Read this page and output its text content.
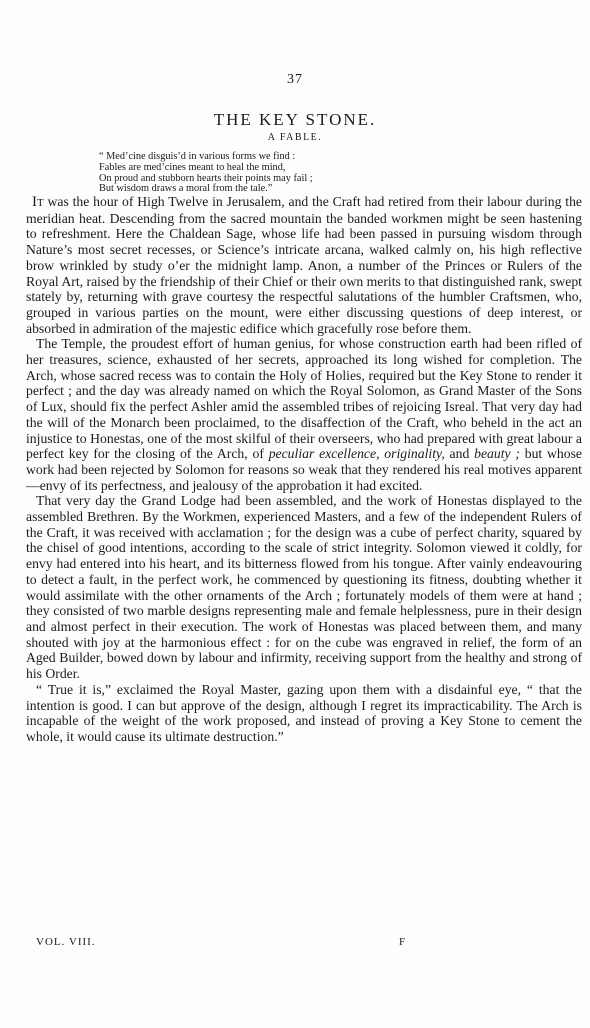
37
THE KEY STONE.
A FABLE.
“ Med’cine disguis’d in various forms we find :
Fables are med’cines meant to heal the mind,
On proud and stubborn hearts their points may fail ;
But wisdom draws a moral from the tale.”

It was the hour of High Twelve in Jerusalem, and the Craft had retired from their labour during the meridian heat. Descending from the sacred mountain the banded workmen might be seen hastening to refreshment. Here the Chaldean Sage, whose life had been passed in pursuing wisdom through Nature’s most secret recesses, or Science’s intricate arcana, walked calmly on, his high reflective brow wrinkled by study o’er the midnight lamp. Anon, a number of the Princes or Rulers of the Royal Art, raised by the friendship of their Chief or their own merits to that distinguished rank, swept stately by, returning with grave courtesy the respectful salutations of the humbler Craftsmen, who, grouped in various parties on the mount, were either discussing questions of deep interest, or absorbed in admiration of the majestic edifice which gracefully rose before them.

The Temple, the proudest effort of human genius, for whose construction earth had been rifled of her treasures, science, exhausted of her secrets, approached its long wished for completion. The Arch, whose sacred recess was to contain the Holy of Holies, required but the Key Stone to render it perfect ; and the day was already named on which the Royal Solomon, as Grand Master of the Sons of Lux, should fix the perfect Ashler amid the assembled tribes of rejoicing Isreal. That very day had the will of the Monarch been proclaimed, to the disaffection of the Craft, who beheld in the act an injustice to Honestas, one of the most skilful of their overseers, who had prepared with great labour a perfect key for the closing of the Arch, of peculiar excellence, originality, and beauty ; but whose work had been rejected by Solomon for reasons so weak that they rendered his real motives apparent—envy of its perfectness, and jealousy of the approbation it had excited.

That very day the Grand Lodge had been assembled, and the work of Honestas displayed to the assembled Brethren. By the Workmen, experienced Masters, and a few of the independent Rulers of the Craft, it was received with acclamation ; for the design was a cube of perfect charity, squared by the chisel of good intentions, according to the scale of strict integrity. Solomon viewed it coldly, for envy had entered into his heart, and its bitterness flowed from his tongue. After vainly endeavouring to detect a fault, in the perfect work, he commenced by questioning its fitness, doubting whether it would assimilate with the other ornaments of the Arch ; fortunately models of them were at hand ; they consisted of two marble designs representing male and female helplessness, pure in their design and almost perfect in their execution. The work of Honestas was placed between them, and many shouted with joy at the harmonious effect : for on the cube was engraved in relief, the form of an Aged Builder, bowed down by labour and infirmity, receiving support from the healthy and strong of his Order.

“ True it is,” exclaimed the Royal Master, gazing upon them with a disdainful eye, “ that the intention is good. I can but approve of the design, although I regret its impracticability. The Arch is incapable of the weight of the work proposed, and instead of proving a Key Stone to cement the whole, it would cause its ultimate destruction.”

VOL. VIII.	F
